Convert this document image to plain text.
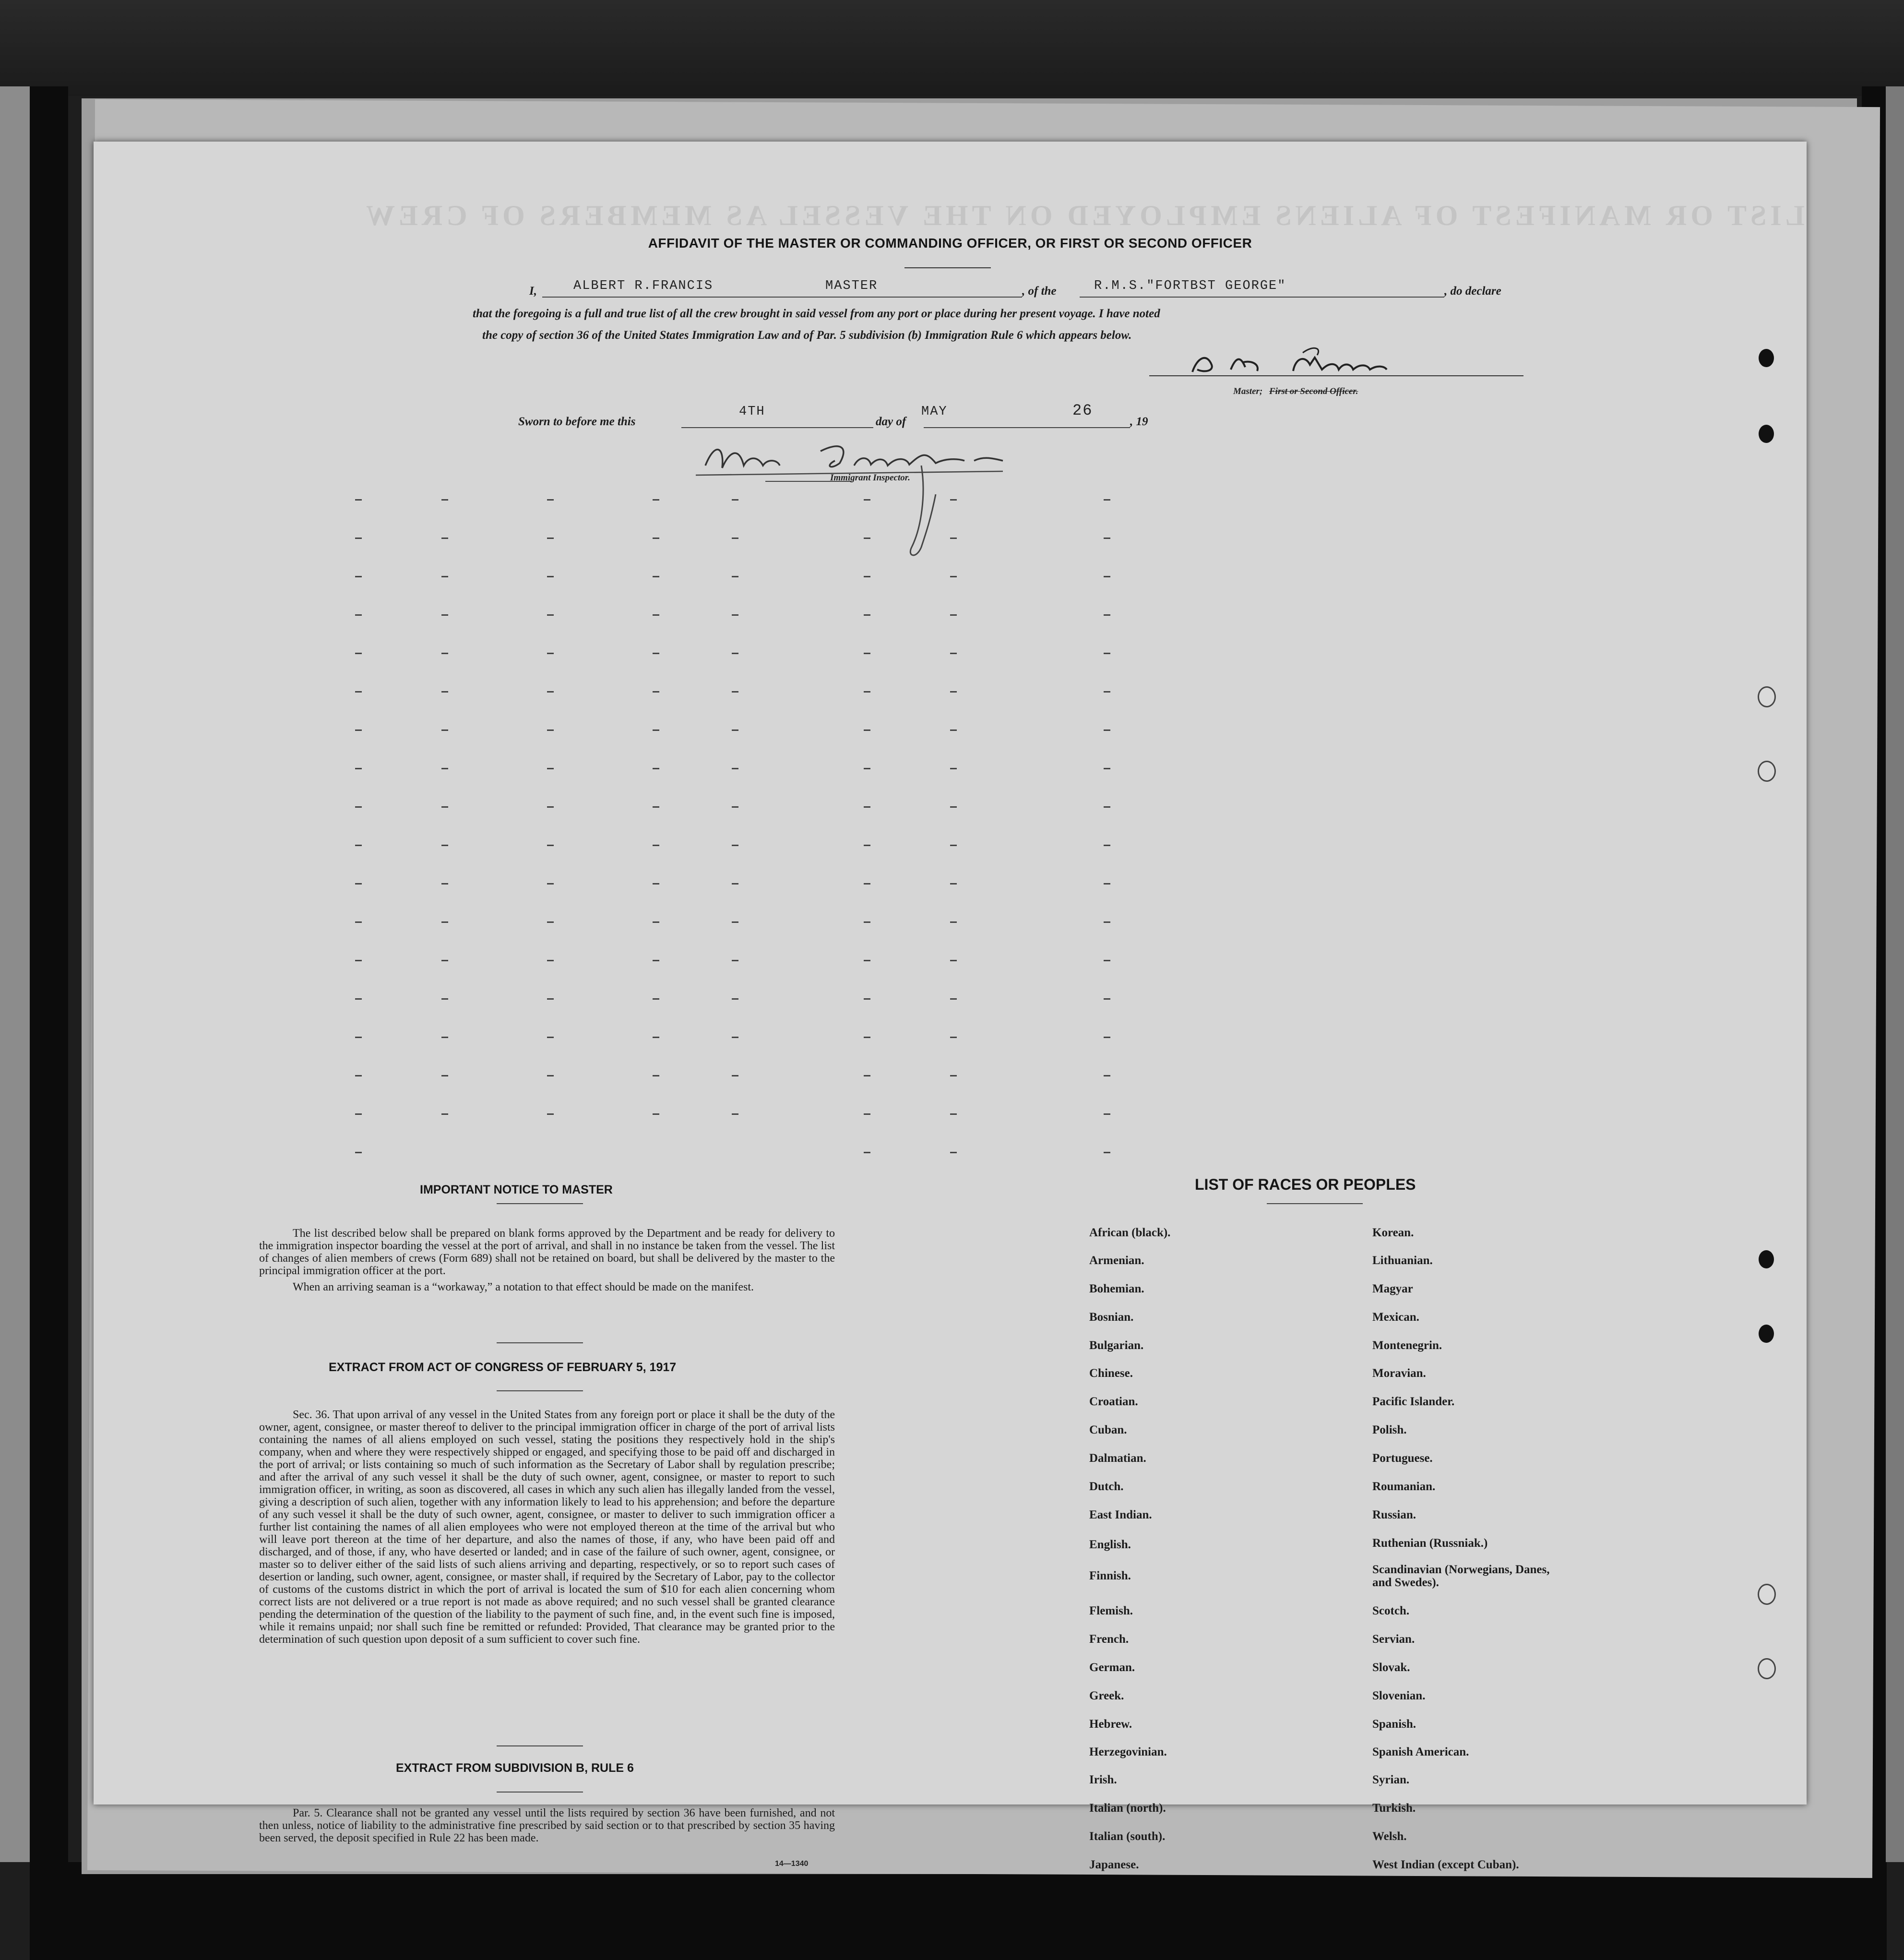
LIST OR MANIFEST OF ALIENS EMPLOYED ON THE VESSEL AS MEMBERS OF CREW
AFFIDAVIT OF THE MASTER OR COMMANDING OFFICER, OR FIRST OR SECOND OFFICER
I,	ALBERT R.FRANCIS	MASTER	, of the	R.M.S."FORTBST GEORGE"	, do declare
that the foregoing is a full and true list of all the crew brought in said vessel from any port or place during her present voyage. I have noted
the copy of section 36 of the United States Immigration Law and of Par. 5 subdivision (b) Immigration Rule 6 which appears below.
Master; First or Second Officer.
Sworn to before me this
4TH
day of
MAY
, 19
26
Immigrant Inspector.
IMPORTANT NOTICE TO MASTER

The list described below shall be prepared on blank forms approved by the Department and be ready for delivery to the immigration inspector boarding the vessel at the port of arrival, and shall in no instance be taken from the vessel. The list of changes of alien members of crews (Form 689) shall not be retained on board, but shall be delivered by the master to the principal immigration officer at the port.

When an arriving seaman is a “workaway,” a notation to that effect should be made on the manifest.

EXTRACT FROM ACT OF CONGRESS OF FEBRUARY 5, 1917

Sec. 36. That upon arrival of any vessel in the United States from any foreign port or place it shall be the duty of the owner, agent, consignee, or master thereof to deliver to the principal immigration officer in charge of the port of arrival lists containing the names of all aliens employed on such vessel, stating the positions they respectively hold in the ship's company, when and where they were respectively shipped or engaged, and specifying those to be paid off and discharged in the port of arrival; or lists containing so much of such information as the Secretary of Labor shall by regulation prescribe; and after the arrival of any such vessel it shall be the duty of such owner, agent, consignee, or master to report to such immigration officer, in writing, as soon as discovered, all cases in which any such alien has illegally landed from the vessel, giving a description of such alien, together with any information likely to lead to his apprehension; and before the departure of any such vessel it shall be the duty of such owner, agent, consignee, or master to deliver to such immigration officer a further list containing the names of all alien employees who were not employed thereon at the time of the arrival but who will leave port thereon at the time of her departure, and also the names of those, if any, who have been paid off and discharged, and of those, if any, who have deserted or landed; and in case of the failure of such owner, agent, consignee, or master so to deliver either of the said lists of such aliens arriving and departing, respectively, or so to report such cases of desertion or landing, such owner, agent, consignee, or master shall, if required by the Secretary of Labor, pay to the collector of customs of the customs district in which the port of arrival is located the sum of $10 for each alien concerning whom correct lists are not delivered or a true report is not made as above required; and no such vessel shall be granted clearance pending the determination of the question of the liability to the payment of such fine, and, in the event such fine is imposed, while it remains unpaid; nor shall such fine be remitted or refunded: Provided, That clearance may be granted prior to the determination of such question upon deposit of a sum sufficient to cover such fine.

EXTRACT FROM SUBDIVISION B, RULE 6

Par. 5. Clearance shall not be granted any vessel until the lists required by section 36 have been furnished, and not then unless, notice of liability to the administrative fine prescribed by said section or to that prescribed by section 35 having been served, the deposit specified in Rule 22 has been made.

14—1340
LIST OF RACES OR PEOPLES
African (black).
Armenian.
Bohemian.
Bosnian.
Bulgarian.
Chinese.
Croatian.
Cuban.
Dalmatian.
Dutch.
East Indian.
English.
Finnish.
Flemish.
French.
German.
Greek.
Hebrew.
Herzegovinian.
Irish.
Italian (north).
Italian (south).
Japanese.
Korean.
Lithuanian.
Magyar
Mexican.
Montenegrin.
Moravian.
Pacific Islander.
Polish.
Portuguese.
Roumanian.
Russian.
Ruthenian (Russniak.)
Scandinavian (Norwegians, Danes, and Swedes).
Scotch.
Servian.
Slovak.
Slovenian.
Spanish.
Spanish American.
Syrian.
Turkish.
Welsh.
West Indian (except Cuban).
